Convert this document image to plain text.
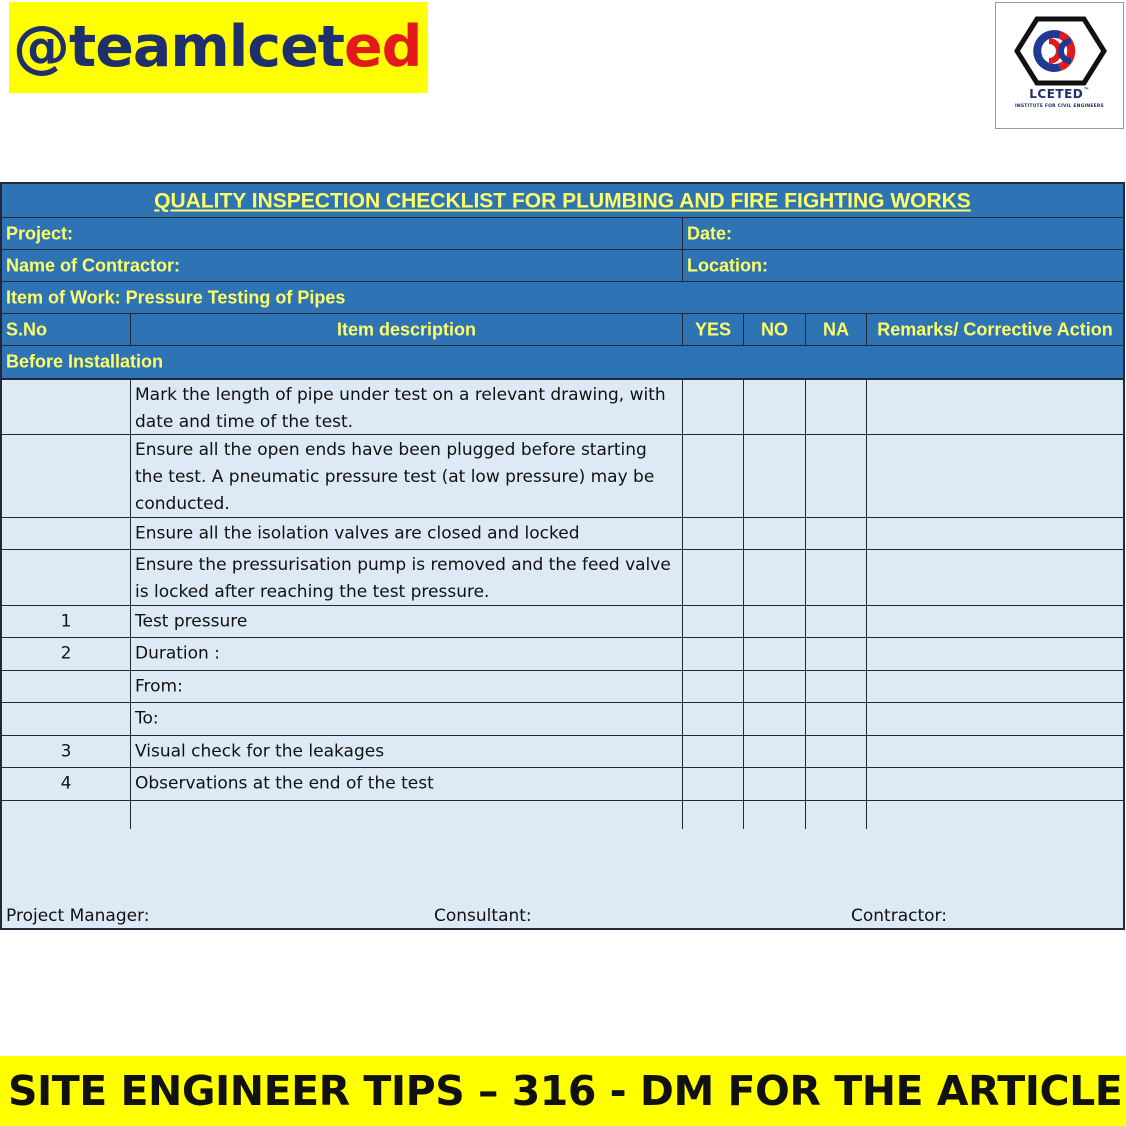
@teamlceted
LCETED™
INSTITUTE FOR CIVIL ENGINEERS
QUALITY INSPECTION CHECKLIST FOR PLUMBING AND FIRE FIGHTING WORKS
Project:	Date:
Name of Contractor:	Location:
Item of Work: Pressure Testing of Pipes
S.No	Item description	YES	NO	NA	Remarks/ Corrective Action
Before Installation
Mark the length of pipe under test on a relevant drawing, with date and time of the test.
Ensure all the open ends have been plugged before starting the test. A pneumatic pressure test (at low pressure) may be conducted.
Ensure all the isolation valves are closed and locked
Ensure the pressurisation pump is removed and the feed valve is locked after reaching the test pressure.
1	Test pressure
2	Duration :
From:
To:
3	Visual check for the leakages
4	Observations at the end of the test
Project Manager:	Consultant:	Contractor:
SITE ENGINEER TIPS – 316 - DM FOR THE ARTICLE
